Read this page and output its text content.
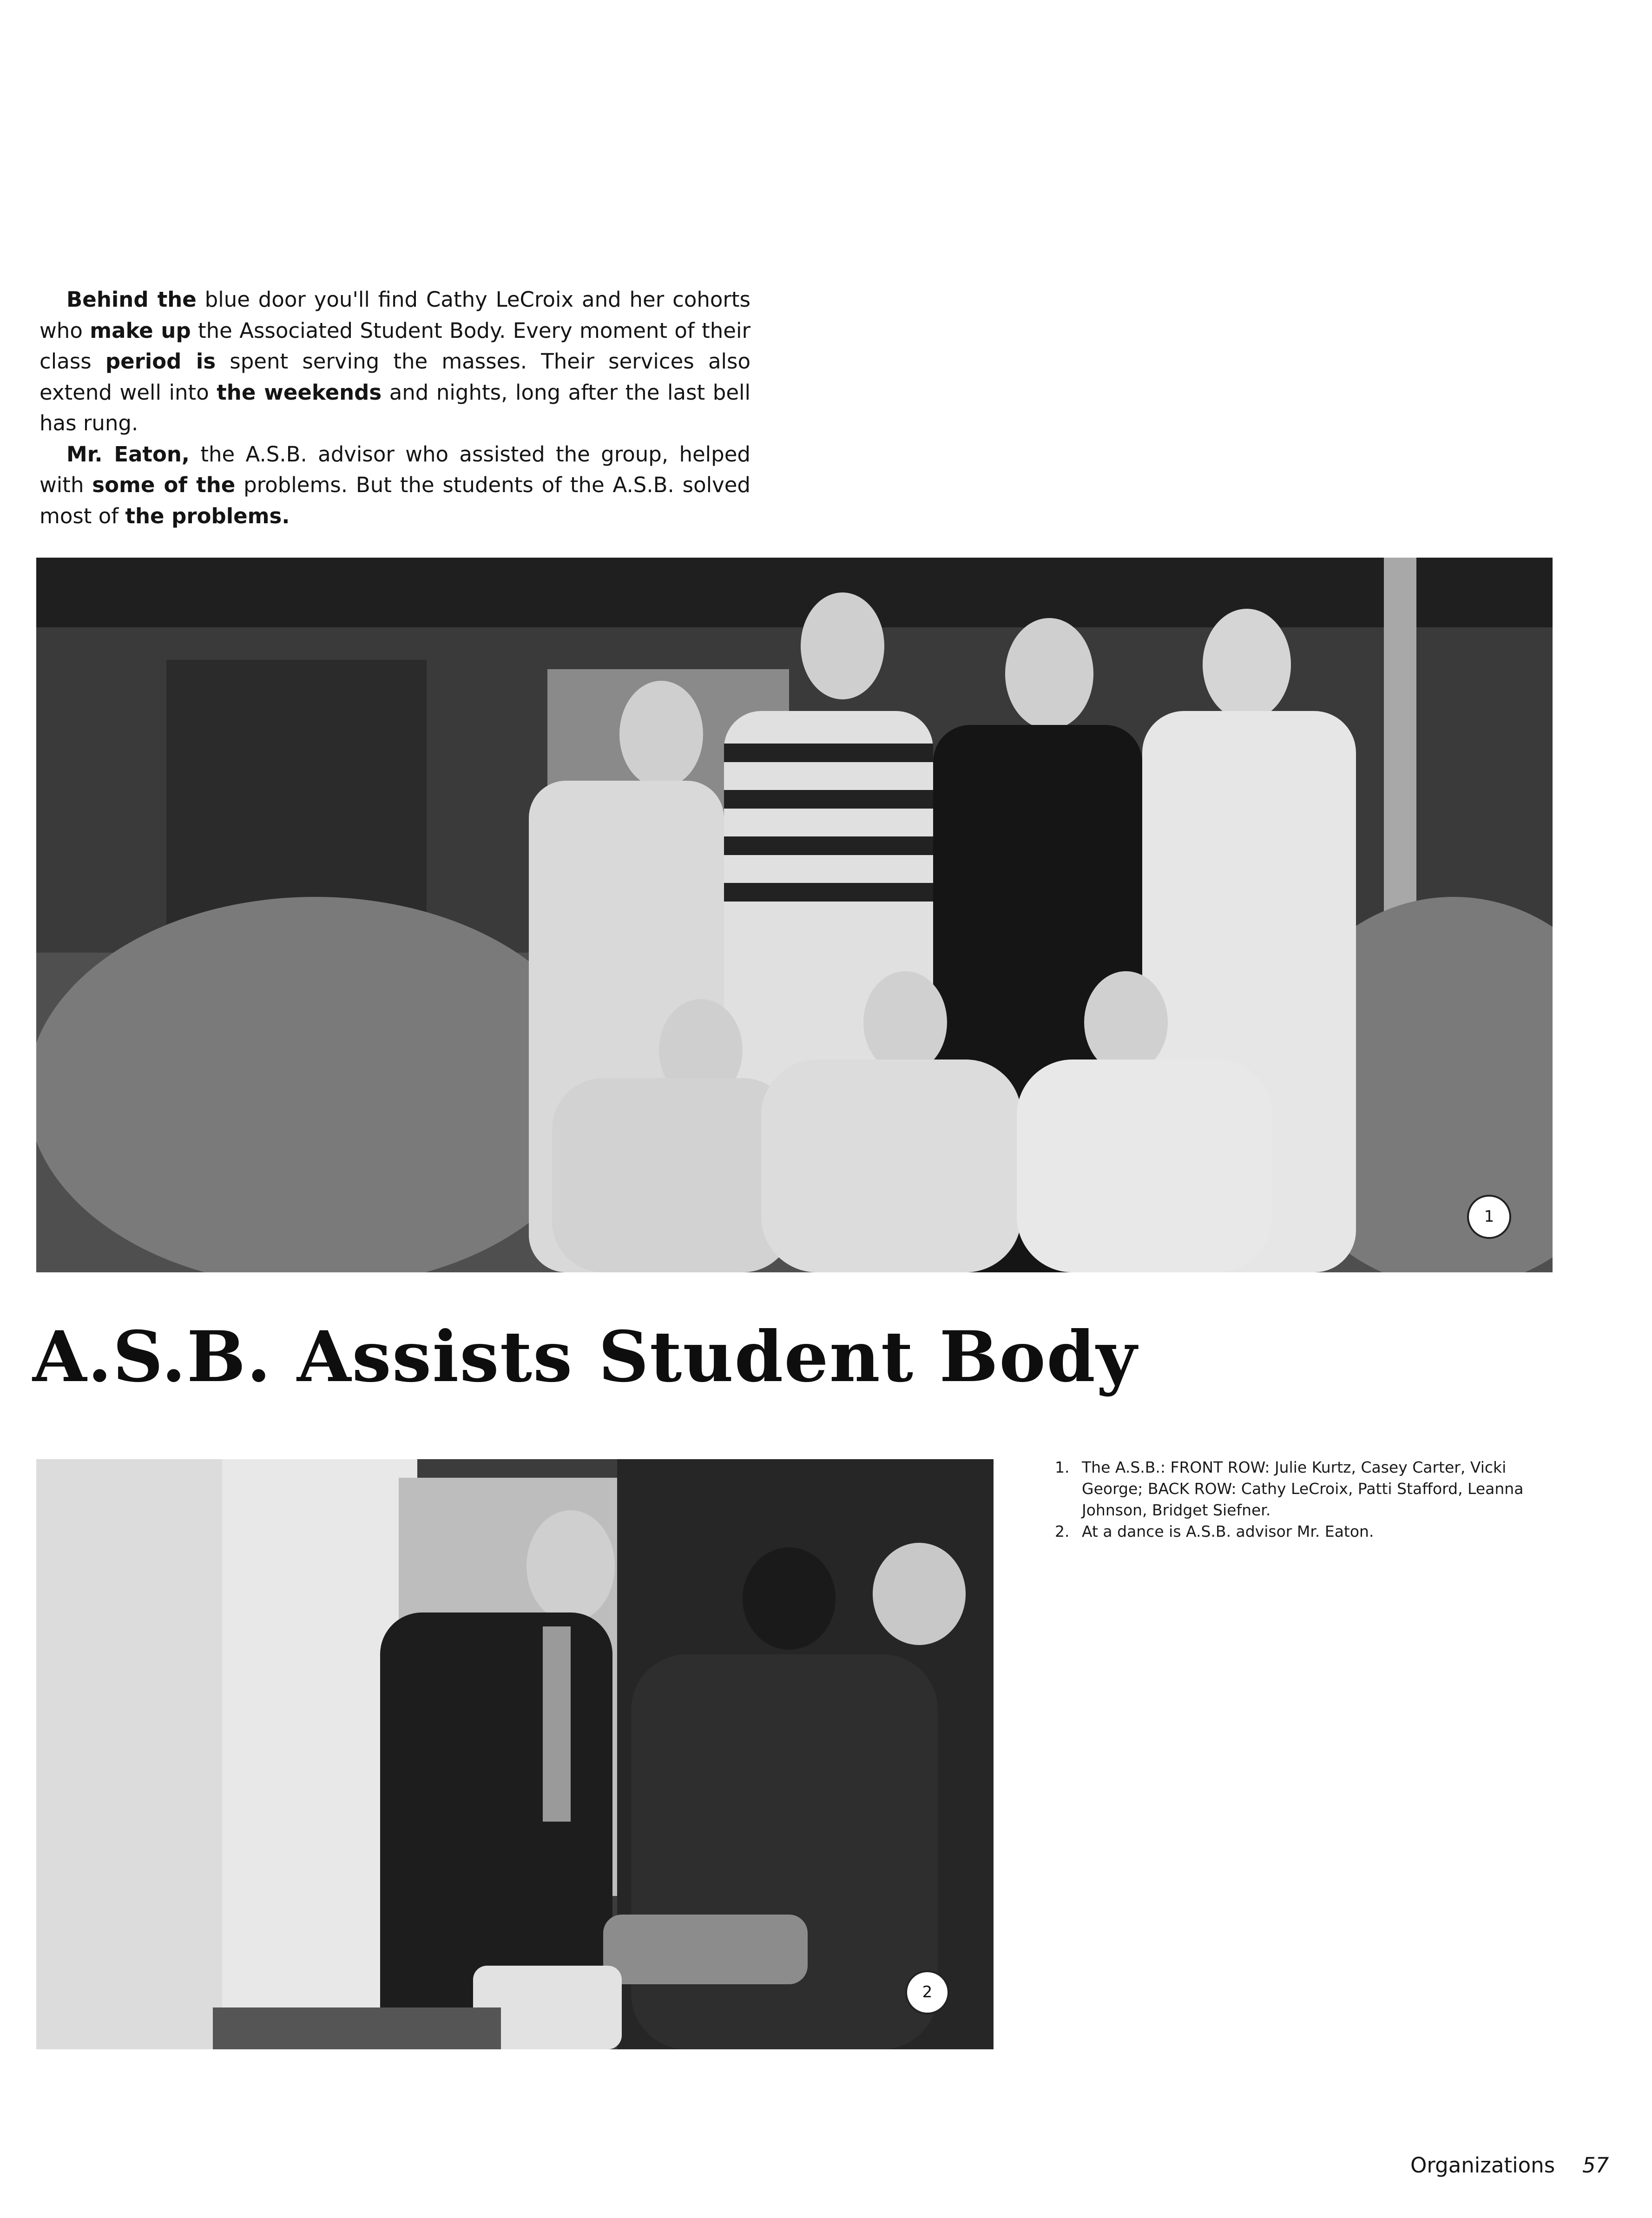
Behind the blue door you'll find Cathy LeCroix and her cohorts who make up the Associated Student Body. Every moment of their class period is spent serving the masses. Their services also extend well into the weekends and nights, long after the last bell has rung.

Mr. Eaton, the A.S.B. advisor who assisted the group, helped with some of the problems. But the students of the A.S.B. solved most of the problems.

1
A.S.B. Assists Student Body
2
1. The A.S.B.: FRONT ROW: Julie Kurtz, Casey Carter, Vicki George; BACK ROW: Cathy LeCroix, Patti Stafford, Leanna Johnson, Bridget Siefner.
2. At a dance is A.S.B. advisor Mr. Eaton.
Organizations 57
